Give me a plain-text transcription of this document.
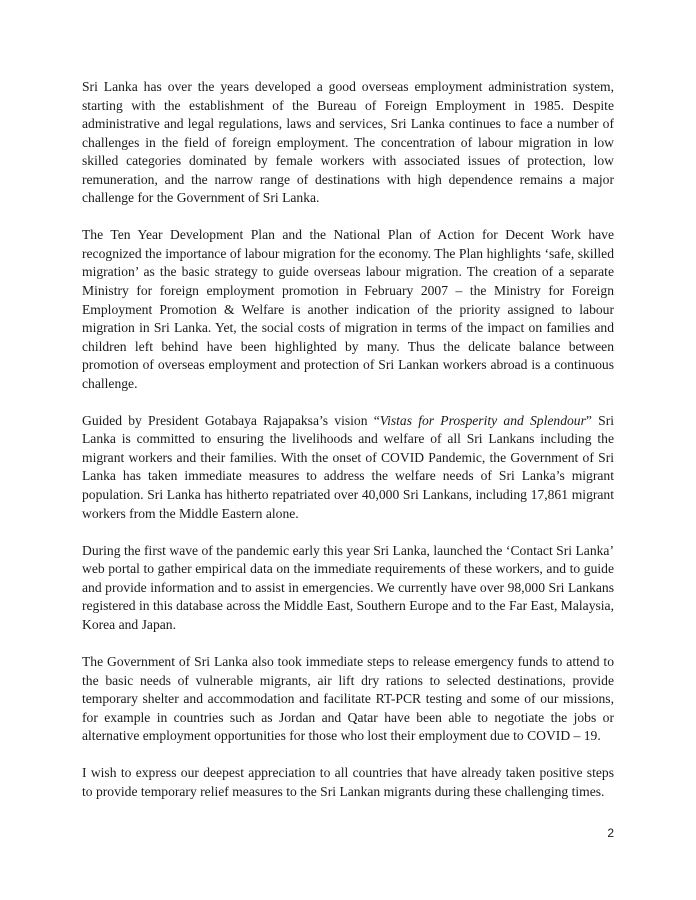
Sri Lanka has over the years developed a good overseas employment administration system, starting with the establishment of the Bureau of Foreign Employment in 1985. Despite administrative and legal regulations, laws and services, Sri Lanka continues to face a number of challenges in the field of foreign employment. The concentration of labour migration in low skilled categories dominated by female workers with associated issues of protection, low remuneration, and the narrow range of destinations with high dependence remains a major challenge for the Government of Sri Lanka.

The Ten Year Development Plan and the National Plan of Action for Decent Work have recognized the importance of labour migration for the economy. The Plan highlights ‘safe, skilled migration’ as the basic strategy to guide overseas labour migration. The creation of a separate Ministry for foreign employment promotion in February 2007 – the Ministry for Foreign Employment Promotion & Welfare is another indication of the priority assigned to labour migration in Sri Lanka. Yet, the social costs of migration in terms of the impact on families and children left behind have been highlighted by many. Thus the delicate balance between promotion of overseas employment and protection of Sri Lankan workers abroad is a continuous challenge.

Guided by President Gotabaya Rajapaksa’s vision “Vistas for Prosperity and Splendour” Sri Lanka is committed to ensuring the livelihoods and welfare of all Sri Lankans including the migrant workers and their families. With the onset of COVID Pandemic, the Government of Sri Lanka has taken immediate measures to address the welfare needs of Sri Lanka’s migrant population. Sri Lanka has hitherto repatriated over 40,000 Sri Lankans, including 17,861 migrant workers from the Middle Eastern alone.

During the first wave of the pandemic early this year Sri Lanka, launched the ‘Contact Sri Lanka’ web portal to gather empirical data on the immediate requirements of these workers, and to guide and provide information and to assist in emergencies. We currently have over 98,000 Sri Lankans registered in this database across the Middle East, Southern Europe and to the Far East, Malaysia, Korea and Japan.

The Government of Sri Lanka also took immediate steps to release emergency funds to attend to the basic needs of vulnerable migrants, air lift dry rations to selected destinations, provide temporary shelter and accommodation and facilitate RT-PCR testing and some of our missions, for example in countries such as Jordan and Qatar have been able to negotiate the jobs or alternative employment opportunities for those who lost their employment due to COVID – 19.

I wish to express our deepest appreciation to all countries that have already taken positive steps to provide temporary relief measures to the Sri Lankan migrants during these challenging times.

2
